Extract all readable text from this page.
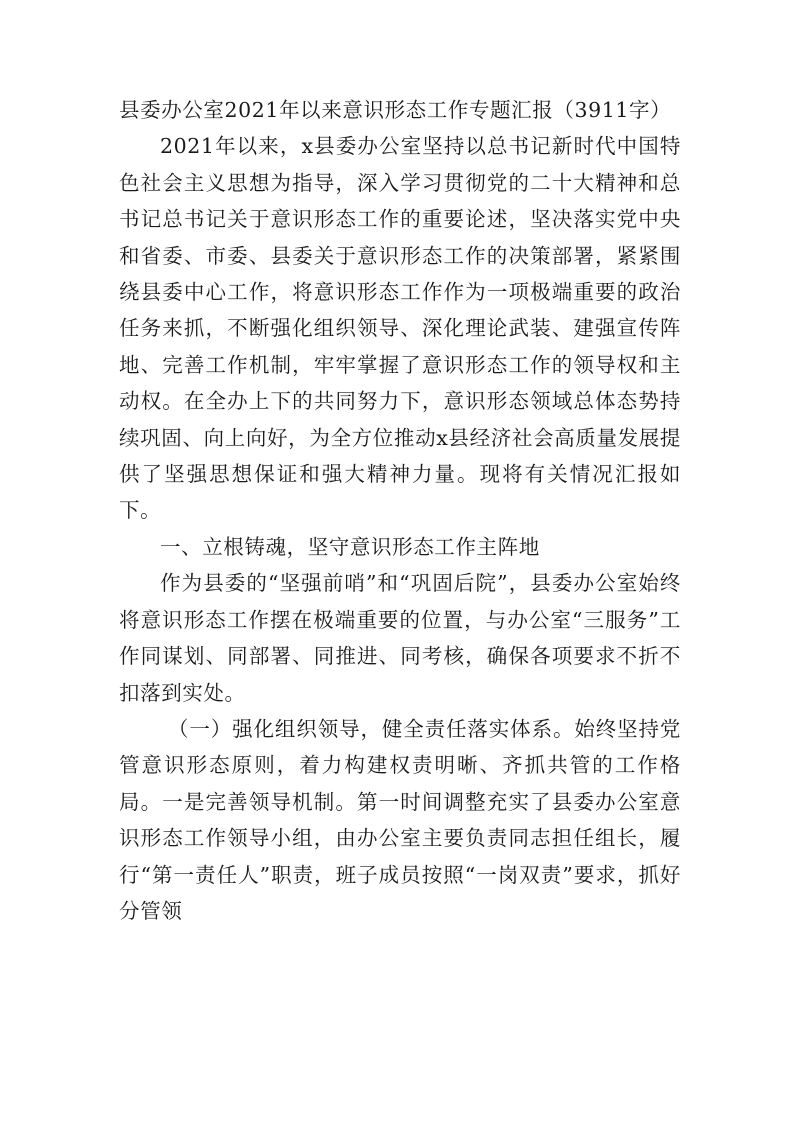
县委办公室2021年以来意识形态工作专题汇报（3911字）

2021年以来，x县委办公室坚持以总书记新时代中国特色社会主义思想为指导，深入学习贯彻党的二十大精神和总书记总书记关于意识形态工作的重要论述，坚决落实党中央和省委、市委、县委关于意识形态工作的决策部署，紧紧围绕县委中心工作，将意识形态工作作为一项极端重要的政治任务来抓，不断强化组织领导、深化理论武装、建强宣传阵地、完善工作机制，牢牢掌握了意识形态工作的领导权和主动权。在全办上下的共同努力下，意识形态领域总体态势持续巩固、向上向好，为全方位推动x县经济社会高质量发展提供了坚强思想保证和强大精神力量。现将有关情况汇报如下。

一、立根铸魂，坚守意识形态工作主阵地

作为县委的“坚强前哨”和“巩固后院”，县委办公室始终将意识形态工作摆在极端重要的位置，与办公室“三服务”工作同谋划、同部署、同推进、同考核，确保各项要求不折不扣落到实处。

（一）强化组织领导，健全责任落实体系。始终坚持党管意识形态原则，着力构建权责明晰、齐抓共管的工作格局。一是完善领导机制。第一时间调整充实了县委办公室意识形态工作领导小组，由办公室主要负责同志担任组长，履行“第一责任人”职责，班子成员按照“一岗双责”要求，抓好分管领
